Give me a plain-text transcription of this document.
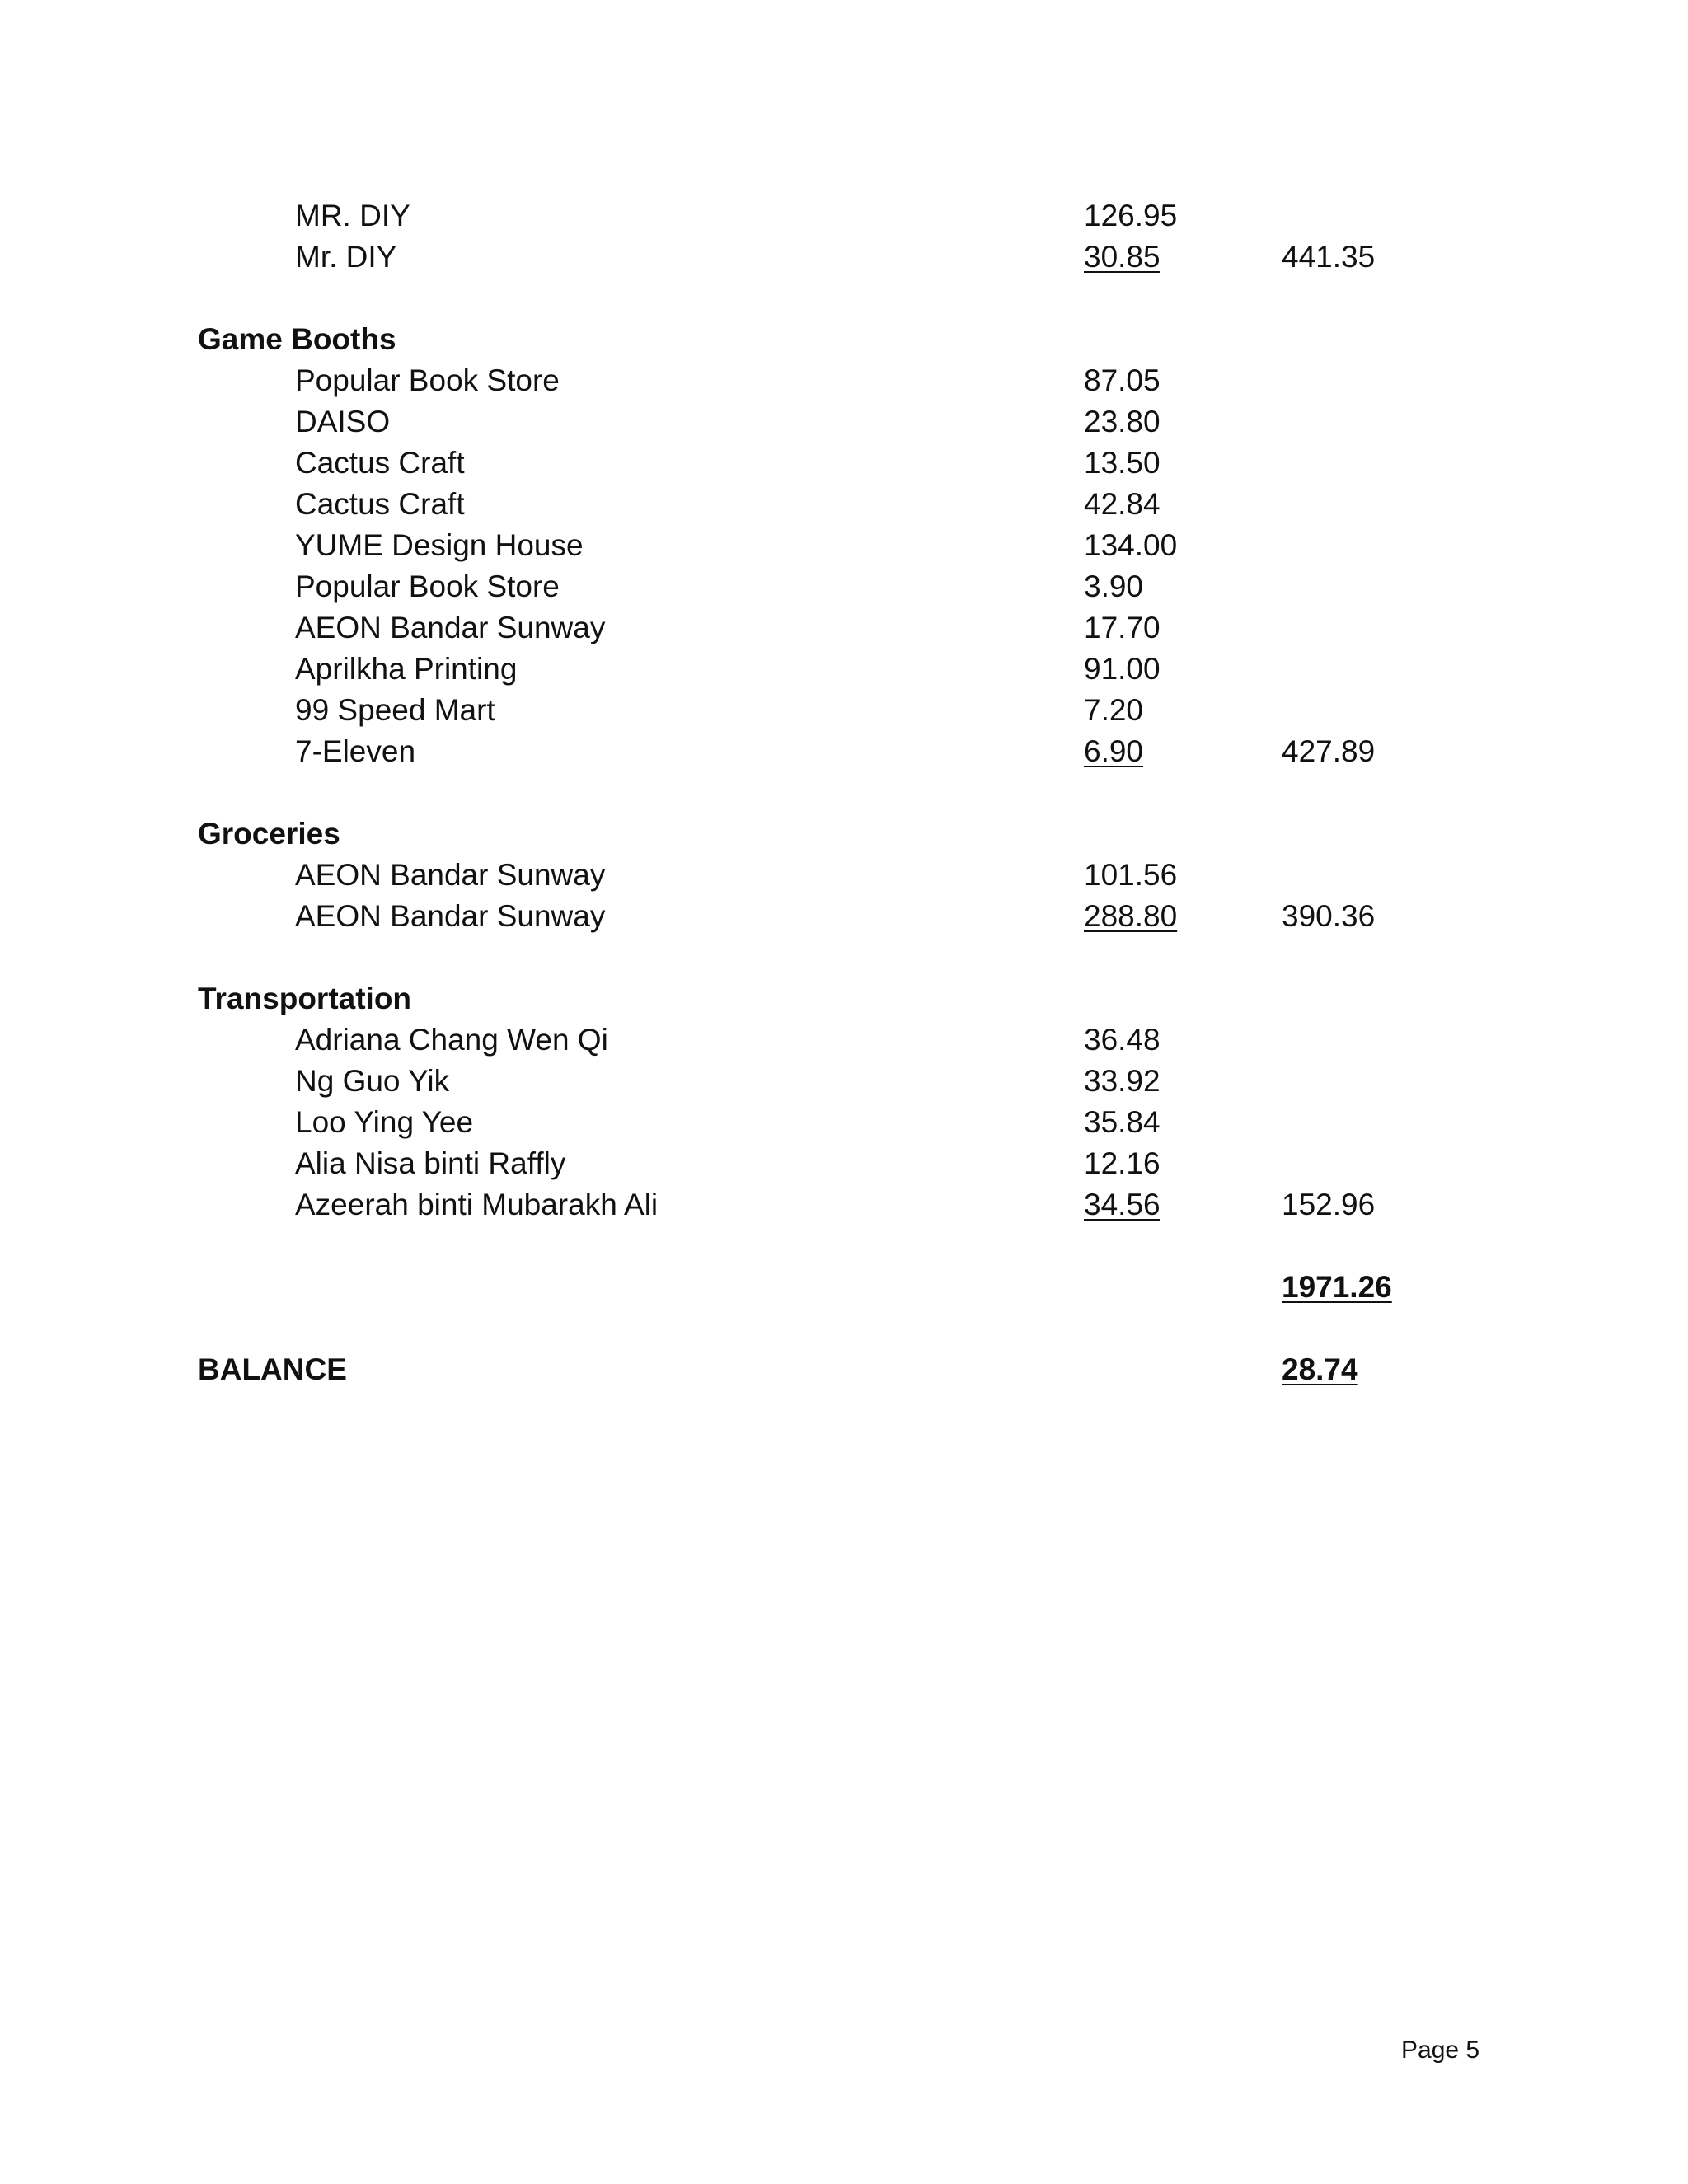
MR. DIY	126.95
Mr. DIY	30.85	441.35
Game Booths
Popular Book Store	87.05
DAISO	23.80
Cactus Craft	13.50
Cactus Craft	42.84
YUME Design House	134.00
Popular Book Store	3.90
AEON Bandar Sunway	17.70
Aprilkha Printing	91.00
99 Speed Mart	7.20
7-Eleven	6.90	427.89
Groceries
AEON Bandar Sunway	101.56
AEON Bandar Sunway	288.80	390.36
Transportation
Adriana Chang Wen Qi	36.48
Ng Guo Yik	33.92
Loo Ying Yee	35.84
Alia Nisa binti Raffly	12.16
Azeerah binti Mubarakh Ali	34.56	152.96
1971.26
BALANCE	28.74
Page 5
